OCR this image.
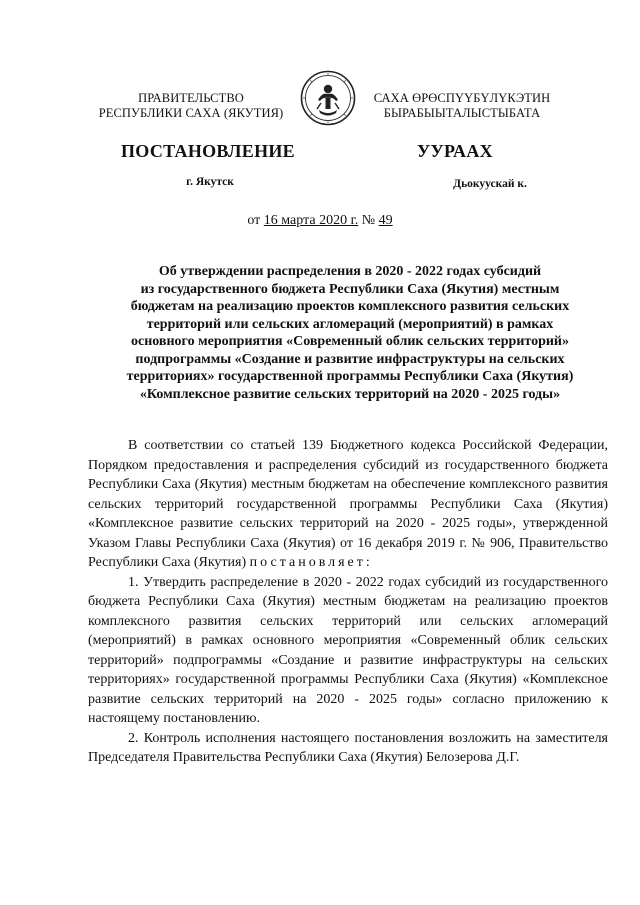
ПРАВИТЕЛЬСТВО
РЕСПУБЛИКИ САХА (ЯКУТИЯ)
САХА ӨРӨСПҮҮБҮЛҮКЭТИН
БЫРАБЫЫТАЛЫСТЫБАТА
ПОСТАНОВЛЕНИЕ	УУРААХ
г. Якутск	Дьокуускай к.
от 16 марта 2020 г. № 49
Об утверждении распределения в 2020 - 2022 годах субсидий
из государственного бюджета Республики Саха (Якутия) местным
бюджетам на реализацию проектов комплексного развития сельских
территорий или сельских агломераций (мероприятий) в рамках
основного мероприятия «Современный облик сельских территорий»
подпрограммы «Создание и развитие инфраструктуры на сельских
территориях» государственной программы Республики Саха (Якутия)
«Комплексное развитие сельских территорий на 2020 - 2025 годы»

В соответствии со статьей 139 Бюджетного кодекса Российской Федерации, Порядком предоставления и распределения субсидий из государственного бюджета Республики Саха (Якутия) местным бюджетам на обеспечение комплексного развития сельских территорий государственной программы Республики Саха (Якутия) «Комплексное развитие сельских территорий на 2020 - 2025 годы», утвержденной Указом Главы Республики Саха (Якутия) от 16 декабря 2019 г. № 906, Правительство Республики Саха (Якутия) постановляет:

1. Утвердить распределение в 2020 - 2022 годах субсидий из государственного бюджета Республики Саха (Якутия) местным бюджетам на реализацию проектов комплексного развития сельских территорий или сельских агломераций (мероприятий) в рамках основного мероприятия «Современный облик сельских территорий» подпрограммы «Создание и развитие инфраструктуры на сельских территориях» государственной программы Республики Саха (Якутия) «Комплексное развитие сельских территорий на 2020 - 2025 годы» согласно приложению к настоящему постановлению.

2. Контроль исполнения настоящего постановления возложить на заместителя Председателя Правительства Республики Саха (Якутия) Белозерова Д.Г.
